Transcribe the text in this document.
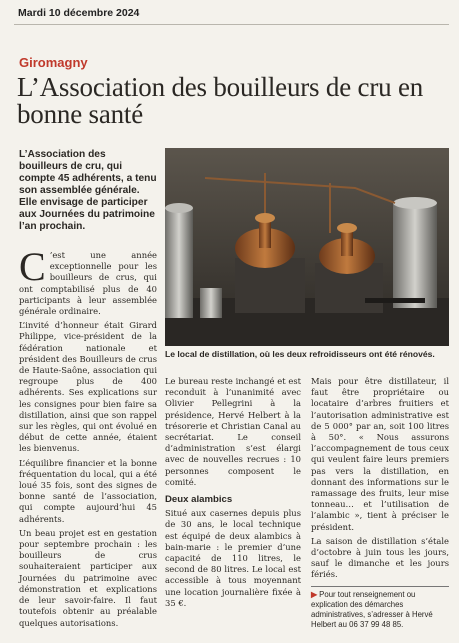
Mardi 10 décembre 2024
Giromagny
L’Association des bouilleurs de cru en bonne santé
L’Association des bouilleurs de cru, qui compte 45 adhérents, a tenu son assemblée générale. Elle envisage de participer aux Journées du patrimoine l’an prochain.
Le local de distillation, où les deux refroidisseurs ont été rénovés.

C ’est une année exceptionnelle pour les bouilleurs de crus, qui ont comptabilisé plus de 40 participants à leur assemblée générale ordinaire.

L’invité d’honneur était Girard Philippe, vice-président de la fédération nationale et président des Bouilleurs de crus de Haute-Saône, association qui regroupe plus de 400 adhérents. Ses explications sur les consignes pour bien faire sa distillation, ainsi que son rappel sur les règles, qui ont évolué en début de cette année, étaient les bienvenus.

L’équilibre financier et la bonne fréquentation du local, qui a été loué 35 fois, sont des signes de bonne santé de l’association, qui compte aujourd’hui 45 adhérents.

Un beau projet est en gestation pour septembre prochain : les bouilleurs de crus souhaiteraient participer aux Journées du patrimoine avec démonstration et explications de leur savoir-faire. Il faut toutefois obtenir au préalable quelques autorisations.

Le bureau reste inchangé et est reconduit à l’unanimité avec Olivier Pellegrini à la présidence, Hervé Helbert à la trésorerie et Christian Canal au secrétariat. Le conseil d’administration s’est élargi avec de nouvelles recrues : 10 personnes composent le comité.

Deux alambics

Situé aux casernes depuis plus de 30 ans, le local technique est équipé de deux alambics à bain-marie : le premier d’une capacité de 110 litres, le second de 80 litres. Le local est accessible à tous moyennant une location journalière fixée à 35 €.

Mais pour être distillateur, il faut être propriétaire ou locataire d’arbres fruitiers et l’autorisation administrative est de 5 000° par an, soit 100 litres à 50°. « Nous assurons l’accompagnement de tous ceux qui veulent faire leurs premiers pas vers la distillation, en donnant des informations sur le ramassage des fruits, leur mise tonneau… et l’utilisation de l’alambic », tient à préciser le président.

La saison de distillation s’étale d’octobre à juin tous les jours, sauf le dimanche et les jours fériés.

▶ Pour tout renseignement ou explication des démarches administratives, s’adresser à Hervé Helbert au 06 37 99 48 85.
